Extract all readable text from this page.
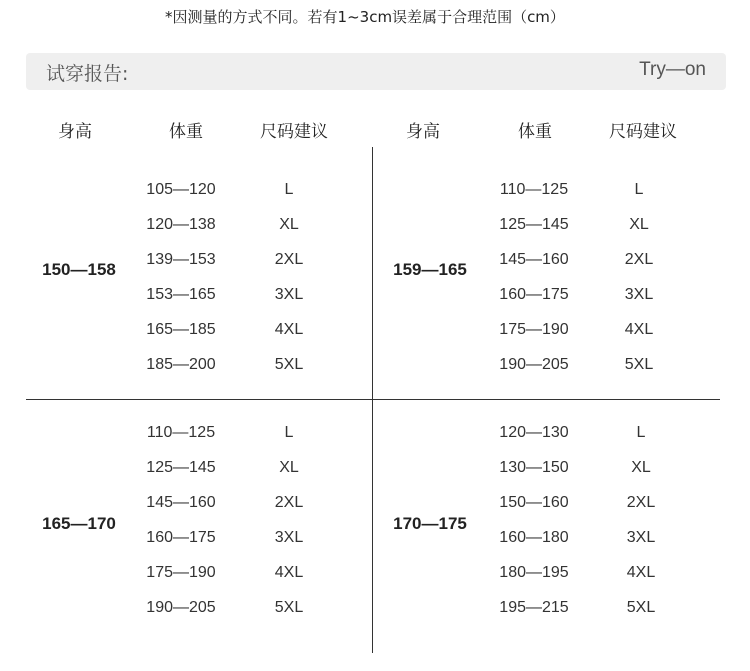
*因测量的方式不同。若有1~3cm误差属于合理范围（cm）
试穿报告:	Try—on
身高	体重	尺码建议	身高	体重	尺码建议
150—158
105—120	L
120—138	XL
139—153	2XL
153—165	3XL
165—185	4XL
185—200	5XL
159—165
110—125	L
125—145	XL
145—160	2XL
160—175	3XL
175—190	4XL
190—205	5XL
165—170
110—125	L
125—145	XL
145—160	2XL
160—175	3XL
175—190	4XL
190—205	5XL
170—175
120—130	L
130—150	XL
150—160	2XL
160—180	3XL
180—195	4XL
195—215	5XL
